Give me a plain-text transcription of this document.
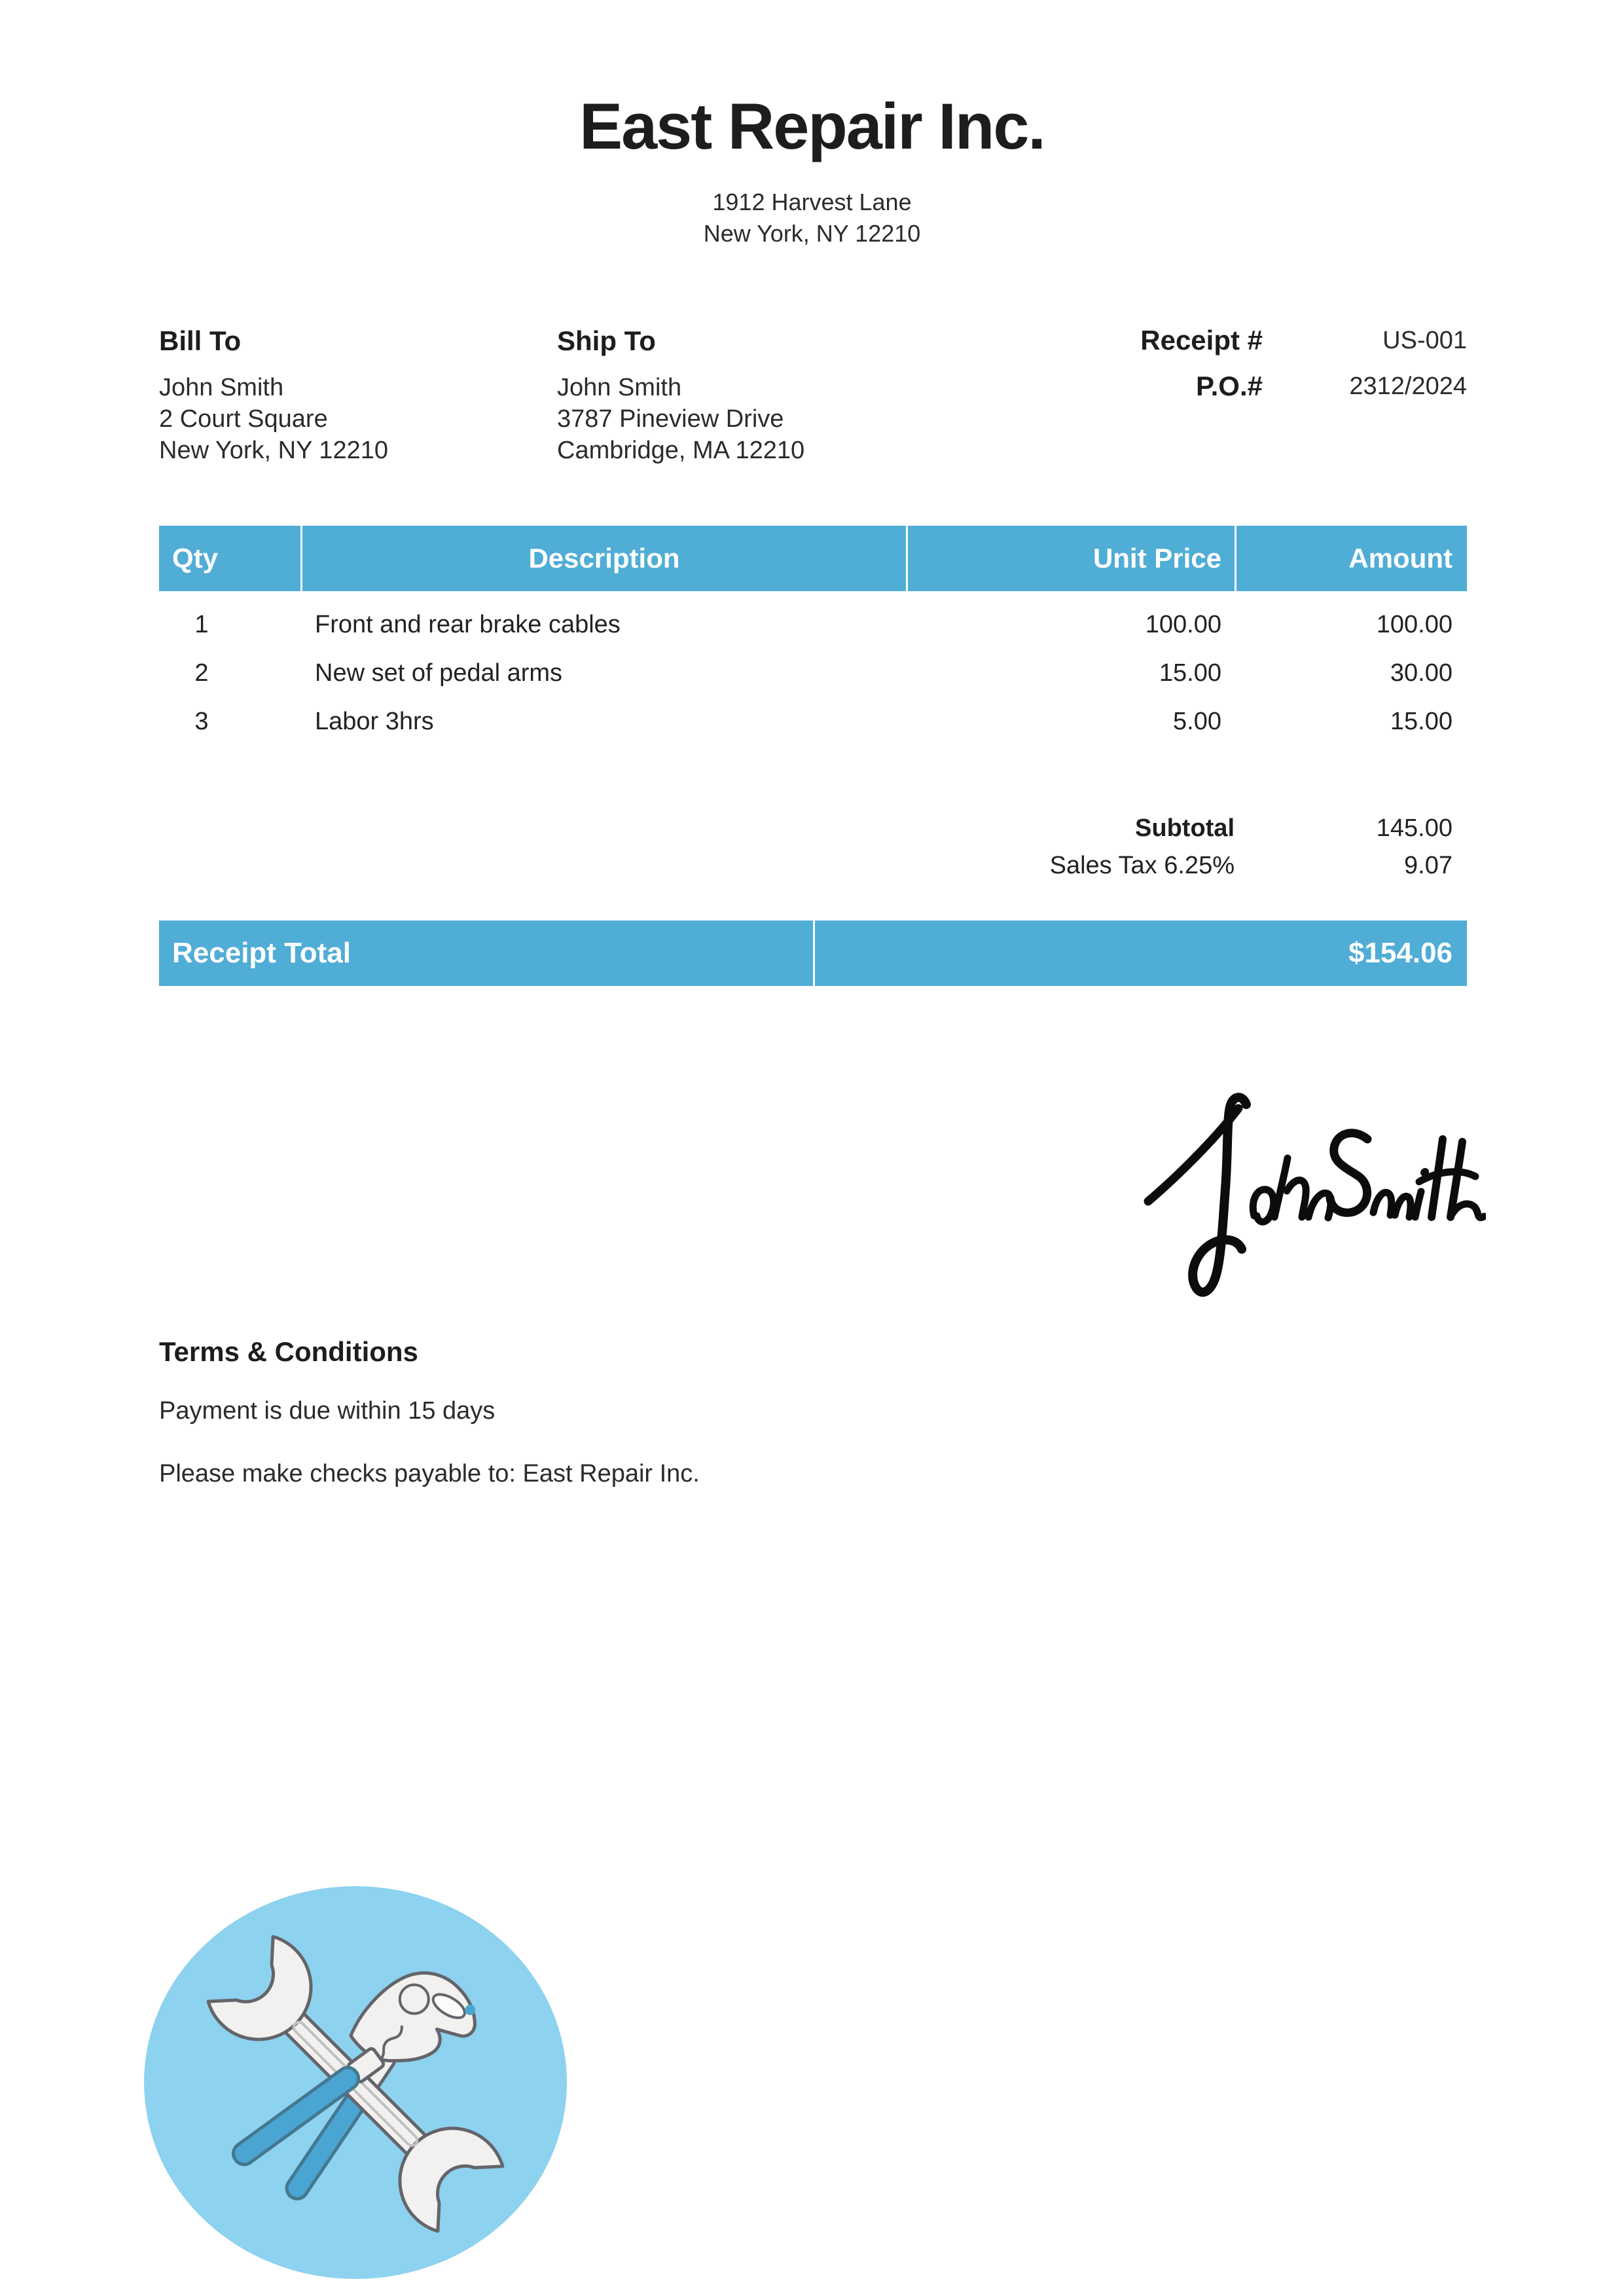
East Repair Inc.
1912 Harvest Lane
New York, NY 12210
Bill To
John Smith
2 Court Square
New York, NY 12210
Ship To
John Smith
3787 Pineview Drive
Cambridge, MA 12210
Receipt #	US-001
P.O.#	2312/2024
Qty	Description	Unit Price	Amount
1	Front and rear brake cables	100.00	100.00
2	New set of pedal arms	15.00	30.00
3	Labor 3hrs	5.00	15.00
Subtotal	145.00
Sales Tax 6.25%	9.07
Receipt Total	$154.06
Terms & Conditions
Payment is due within 15 days
Please make checks payable to: East Repair Inc.
